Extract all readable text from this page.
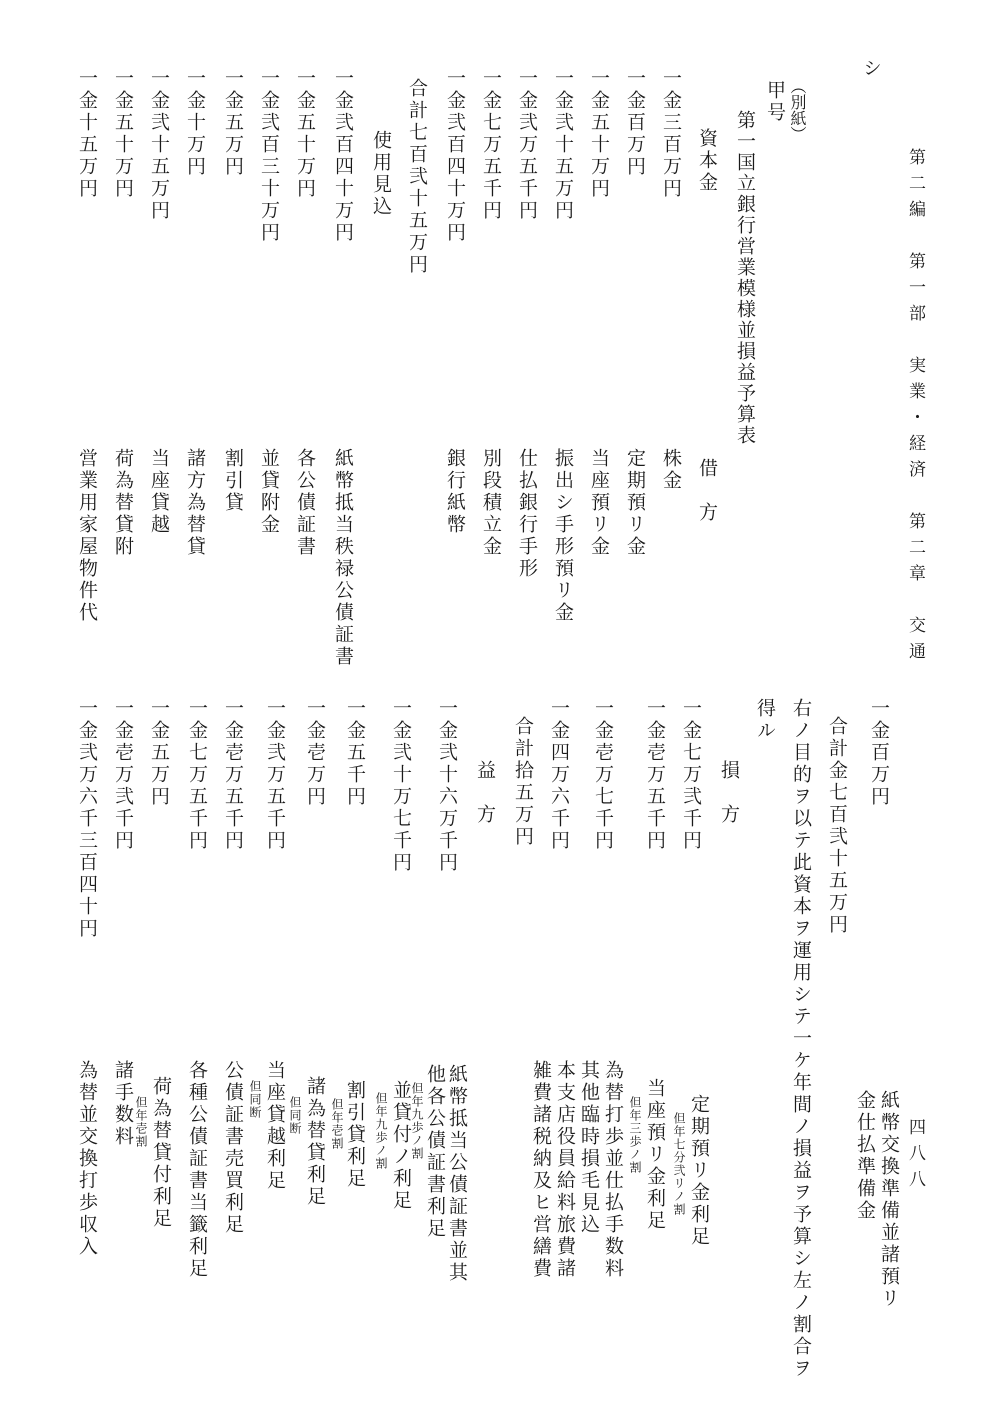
第二編　第一部　実業・経済　第二章　交通
四八八
シ
（別紙）
甲号
第一国立銀行営業模様並損益予算表
資本金
借　方
一金三百万円
株金
一金百万円
定期預リ金
一金五十万円
当座預リ金
一金弐十五万円
振出シ手形預リ金
一金弐万五千円
仕払銀行手形
一金七万五千円
別段積立金
一金弐百四十万円
銀行紙幣
合計七百弐十五万円
使用見込
一金弐百四十万円
紙幣抵当秩禄公債証書
一金五十万円
各公債証書
一金弐百三十万円
並貸附金
一金五万円
割引貸
一金十万円
諸方為替貸
一金弐十五万円
当座貸越
一金五十万円
荷為替貸附
一金十五万円
営業用家屋物件代
一金百万円
紙幣交換準備並諸預リ
金仕払準備金
合計金七百弐十五万円
右ノ目的ヲ以テ此資本ヲ運用シテ一ケ年間ノ損益ヲ予算シ左ノ割合ヲ
得ル
損　方
一金七万弐千円
定期預リ金利足
但年七分弐リノ割
一金壱万五千円
当座預リ金利足
但年三歩ノ割
一金壱万七千円
為替打歩並仕払手数料
其他臨時損毛見込
一金四万六千円
本支店役員給料旅費諸
雑費諸税納及ヒ営繕費
合計拾五万円
益　方
一金弐十六万千円
紙幣抵当公債証書並其
他各公債証書利足
但年九歩ノ割
一金弐十万七千円
並貸付ノ利足
但年九歩ノ割
一金五千円
割引貸利足
但年壱割
一金壱万円
諸為替貸利足
但同断
一金弐万五千円
当座貸越利足
但同断
一金壱万五千円
公債証書売買利足
一金七万五千円
各種公債証書当籤利足
一金五万円
荷為替貸付利足
但年壱割
一金壱万弐千円
諸手数料
一金弐万六千三百四十円
為替並交換打歩収入
